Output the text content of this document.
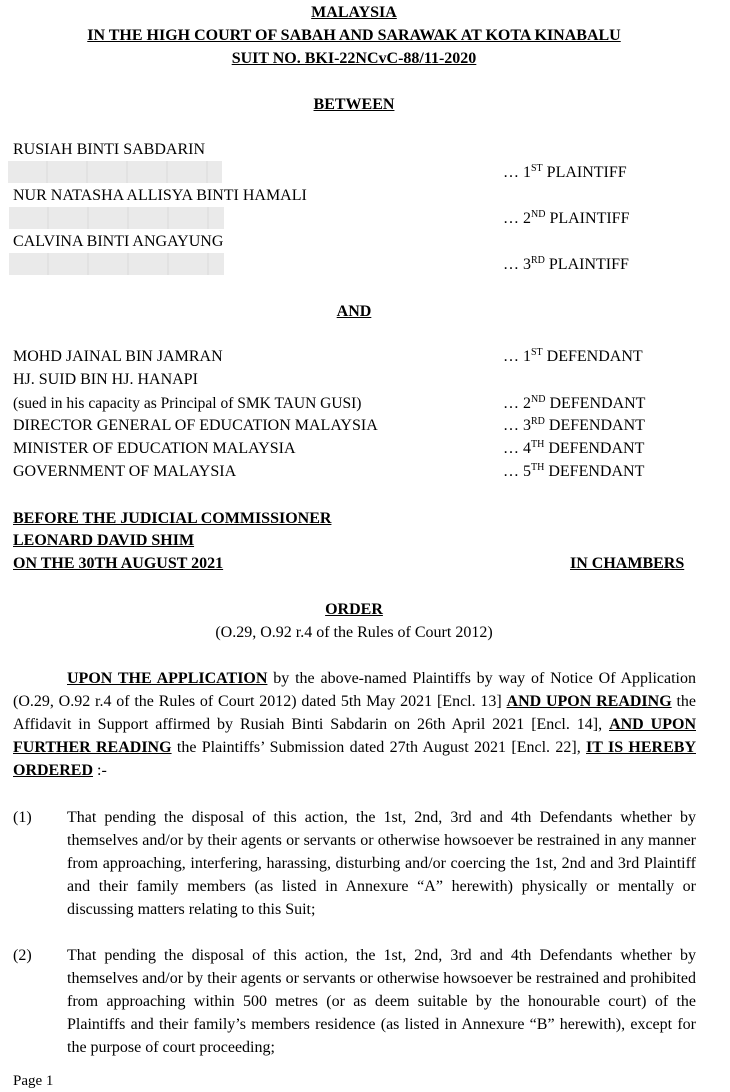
MALAYSIA
IN THE HIGH COURT OF SABAH AND SARAWAK AT KOTA KINABALU
SUIT NO. BKI-22NCvC-88/11-2020
BETWEEN
RUSIAH BINTI SABDARIN
… 1ST PLAINTIFF
NUR NATASHA ALLISYA BINTI HAMALI
… 2ND PLAINTIFF
CALVINA BINTI ANGAYUNG
… 3RD PLAINTIFF
AND
MOHD JAINAL BIN JAMRAN	… 1ST DEFENDANT
HJ. SUID BIN HJ. HANAPI
(sued in his capacity as Principal of SMK TAUN GUSI)	… 2ND DEFENDANT
DIRECTOR GENERAL OF EDUCATION MALAYSIA	… 3RD DEFENDANT
MINISTER OF EDUCATION MALAYSIA	… 4TH DEFENDANT
GOVERNMENT OF MALAYSIA	… 5TH DEFENDANT
BEFORE THE JUDICIAL COMMISSIONER
LEONARD DAVID SHIM
ON THE 30TH AUGUST 2021	IN CHAMBERS
ORDER
(O.29, O.92 r.4 of the Rules of Court 2012)
UPON THE APPLICATION by the above-named Plaintiffs by way of Notice Of Application (O.29, O.92 r.4 of the Rules of Court 2012) dated 5th May 2021 [Encl. 13] AND UPON READING the Affidavit in Support affirmed by Rusiah Binti Sabdarin on 26th April 2021 [Encl. 14], AND UPON FURTHER READING the Plaintiffs’ Submission dated 27th August 2021 [Encl. 22], IT IS HEREBY ORDERED :-
(1) That pending the disposal of this action, the 1st, 2nd, 3rd and 4th Defendants whether by themselves and/or by their agents or servants or otherwise howsoever be restrained in any manner from approaching, interfering, harassing, disturbing and/or coercing the 1st, 2nd and 3rd Plaintiff and their family members (as listed in Annexure “A” herewith) physically or mentally or discussing matters relating to this Suit;
(2) That pending the disposal of this action, the 1st, 2nd, 3rd and 4th Defendants whether by themselves and/or by their agents or servants or otherwise howsoever be restrained and prohibited from approaching within 500 metres (or as deem suitable by the honourable court) of the Plaintiffs and their family’s members residence (as listed in Annexure “B” herewith), except for the purpose of court proceeding;
Page 1
